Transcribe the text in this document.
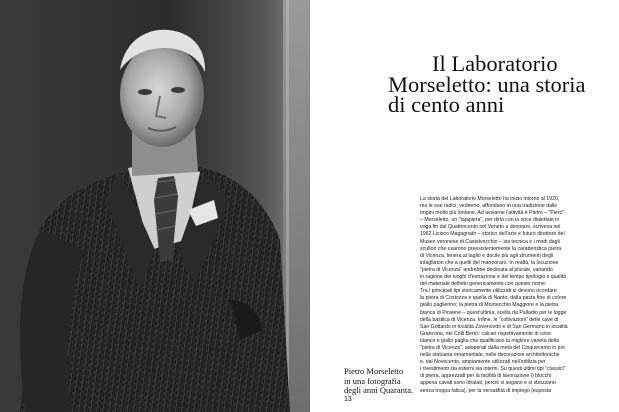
Pietro Morseletto
in una fotografia
degli anni Quaranta.
13
Il Laboratorio
Morseletto: una storia
di cento anni
La storia del Laboratorio Morseletto ha inizio intorno al 1920,
ma le sue radici, vedremo, affondano in una tradizione dalle
origini molto più lontane. Ad avviarne l'attività è Pietro – "Piero"
– Morseletto, un "tajapiera", per dirla con la voce dialettale in
voga fin dal Quattrocento nel Veneto a denotare, scriveva nel
1962 Licisco Magagnato – storico dell'arte e futuro direttore del
Museo veronese di Castelvecchio – sia tecnica e i modi dagli
scultori che usarono preesistentemente la caratteristica pietra
di Vicenza, tenera al taglio e docile più agli strumenti degli
intagliatori che a quelli del marmoraro. In realtà, la locuzione
"pietra di Vicenza" andrebbe declinata al plurale, variando
in ragione dei luoghi d'estrazione e del tempo tipologia e qualità
del materiale definito genericamente con questo nome.
Tra i principali tipi storicamente utilizzati si devono ricordare
la pietra di Costozza e quella di Nanto, dalla pasta fine di colore
giallo paglierino; la pietra di Montecchio Maggiore e la pietra
bianca di Piovene – quest'ultima, scelta da Palladio per le logge
della basilica di Vicenza. Infine, le "coltivazioni" delle cave di
San Gottardo in località Zovencedo e di San Germano in località
Grancona, nei Colli Berici: calcari rispettivamente di color
bianco e giallo paglia che qualificano la migliore varietà della
"pietra di Vicenza", adoperati dalla metà del Cinquecento in poi
nella statuaria ornamentale, nelle decorazioni architettoniche
e, dal Novecento, ampiamente utilizzati nell'edilizia per
i rivestimenti sia esterni sia interni. Su questi ultimi tipi "classici"
di pietra, apprezzati per la facilità di lavorazione (i blocchi
appena cavati sono idratati, perciò si segano e si sbozzano
senza troppa fatica), per la versatilità di impiego (esposta
